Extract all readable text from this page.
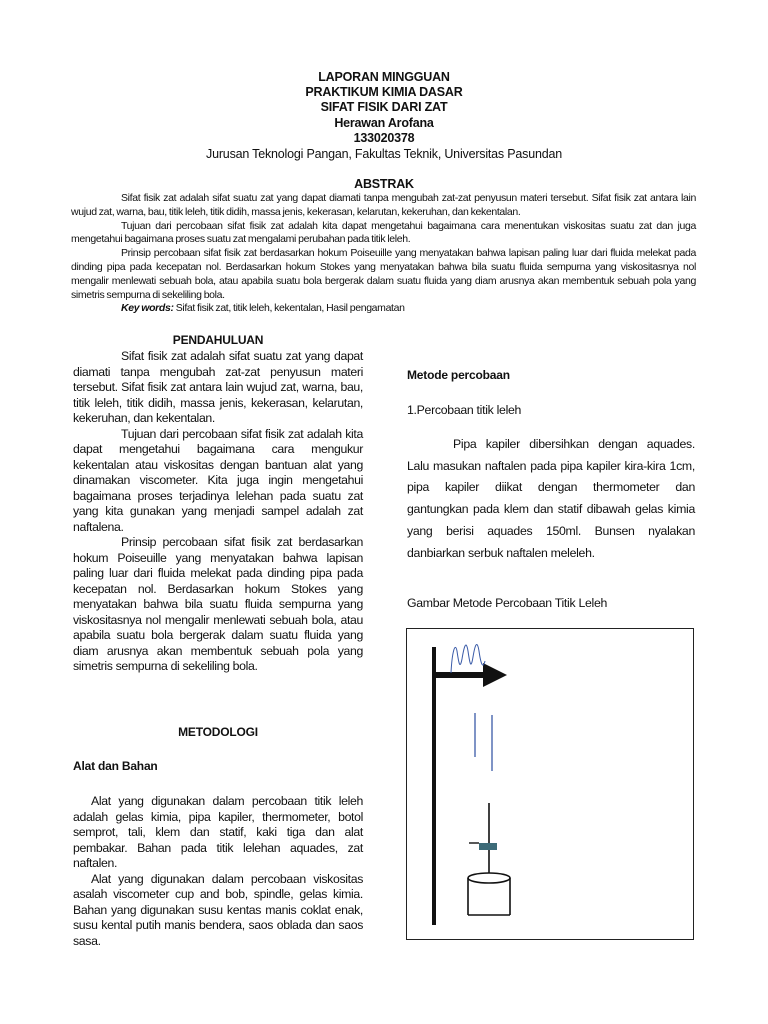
LAPORAN MINGGUAN
PRAKTIKUM KIMIA DASAR
SIFAT FISIK DARI ZAT
Herawan Arofana
133020378
Jurusan Teknologi Pangan, Fakultas Teknik, Universitas Pasundan
ABSTRAK
Sifat fisik zat adalah sifat suatu zat yang dapat diamati tanpa mengubah zat-zat penyusun materi tersebut. Sifat fisik zat antara lain wujud zat, warna, bau, titik leleh, titik didih, massa jenis, kekerasan, kelarutan, kekeruhan, dan kekentalan.
Tujuan dari percobaan sifat fisik zat adalah kita dapat mengetahui bagaimana cara menentukan viskositas suatu zat dan juga mengetahui bagaimana proses suatu zat mengalami perubahan pada titik leleh.
Prinsip percobaan sifat fisik zat berdasarkan hokum Poiseuille yang menyatakan bahwa lapisan paling luar dari fluida melekat pada dinding pipa pada kecepatan nol. Berdasarkan hokum Stokes yang menyatakan bahwa bila suatu fluida sempurna yang viskositasnya nol mengalir menlewati sebuah bola, atau apabila suatu bola bergerak dalam suatu fluida yang diam arusnya akan membentuk sebuah pola yang simetris sempurna di sekeliling bola.
Key words: Sifat fisik zat, titik leleh, kekentalan, Hasil pengamatan
PENDAHULUAN

Sifat fisik zat adalah sifat suatu zat yang dapat diamati tanpa mengubah zat-zat penyusun materi tersebut. Sifat fisik zat antara lain wujud zat, warna, bau, titik leleh, titik didih, massa jenis, kekerasan, kelarutan, kekeruhan, dan kekentalan.

Tujuan dari percobaan sifat fisik zat adalah kita dapat mengetahui bagaimana cara mengukur kekentalan atau viskositas dengan bantuan alat yang dinamakan viscometer. Kita juga ingin mengetahui bagaimana proses terjadinya lelehan pada suatu zat yang kita gunakan yang menjadi sampel adalah zat naftalena.

Prinsip percobaan sifat fisik zat berdasarkan hokum Poiseuille yang menyatakan bahwa lapisan paling luar dari fluida melekat pada dinding pipa pada kecepatan nol. Berdasarkan hokum Stokes yang menyatakan bahwa bila suatu fluida sempurna yang viskositasnya nol mengalir menlewati sebuah bola, atau apabila suatu bola bergerak dalam suatu fluida yang diam arusnya akan membentuk sebuah pola yang simetris sempurna di sekeliling bola.

METODOLOGI
Alat dan Bahan

Alat yang digunakan dalam percobaan titik leleh adalah gelas kimia, pipa kapiler, thermometer, botol semprot, tali, klem dan statif, kaki tiga dan alat pembakar. Bahan pada titik lelehan aquades, zat naftalen.

Alat yang digunakan dalam percobaan viskositas asalah viscometer cup and bob, spindle, gelas kimia. Bahan yang digunakan susu kentas manis coklat enak, susu kental putih manis bendera, saos oblada dan saos sasa.

Metode percobaan
1.Percobaan titik leleh

Pipa kapiler dibersihkan dengan aquades. Lalu masukan naftalen pada pipa kapiler kira-kira 1cm, pipa kapiler diikat dengan thermometer dan gantungkan pada klem dan statif dibawah gelas kimia yang berisi aquades 150ml. Bunsen nyalakan danbiarkan serbuk naftalen meleleh.

Gambar Metode Percobaan Titik Leleh
